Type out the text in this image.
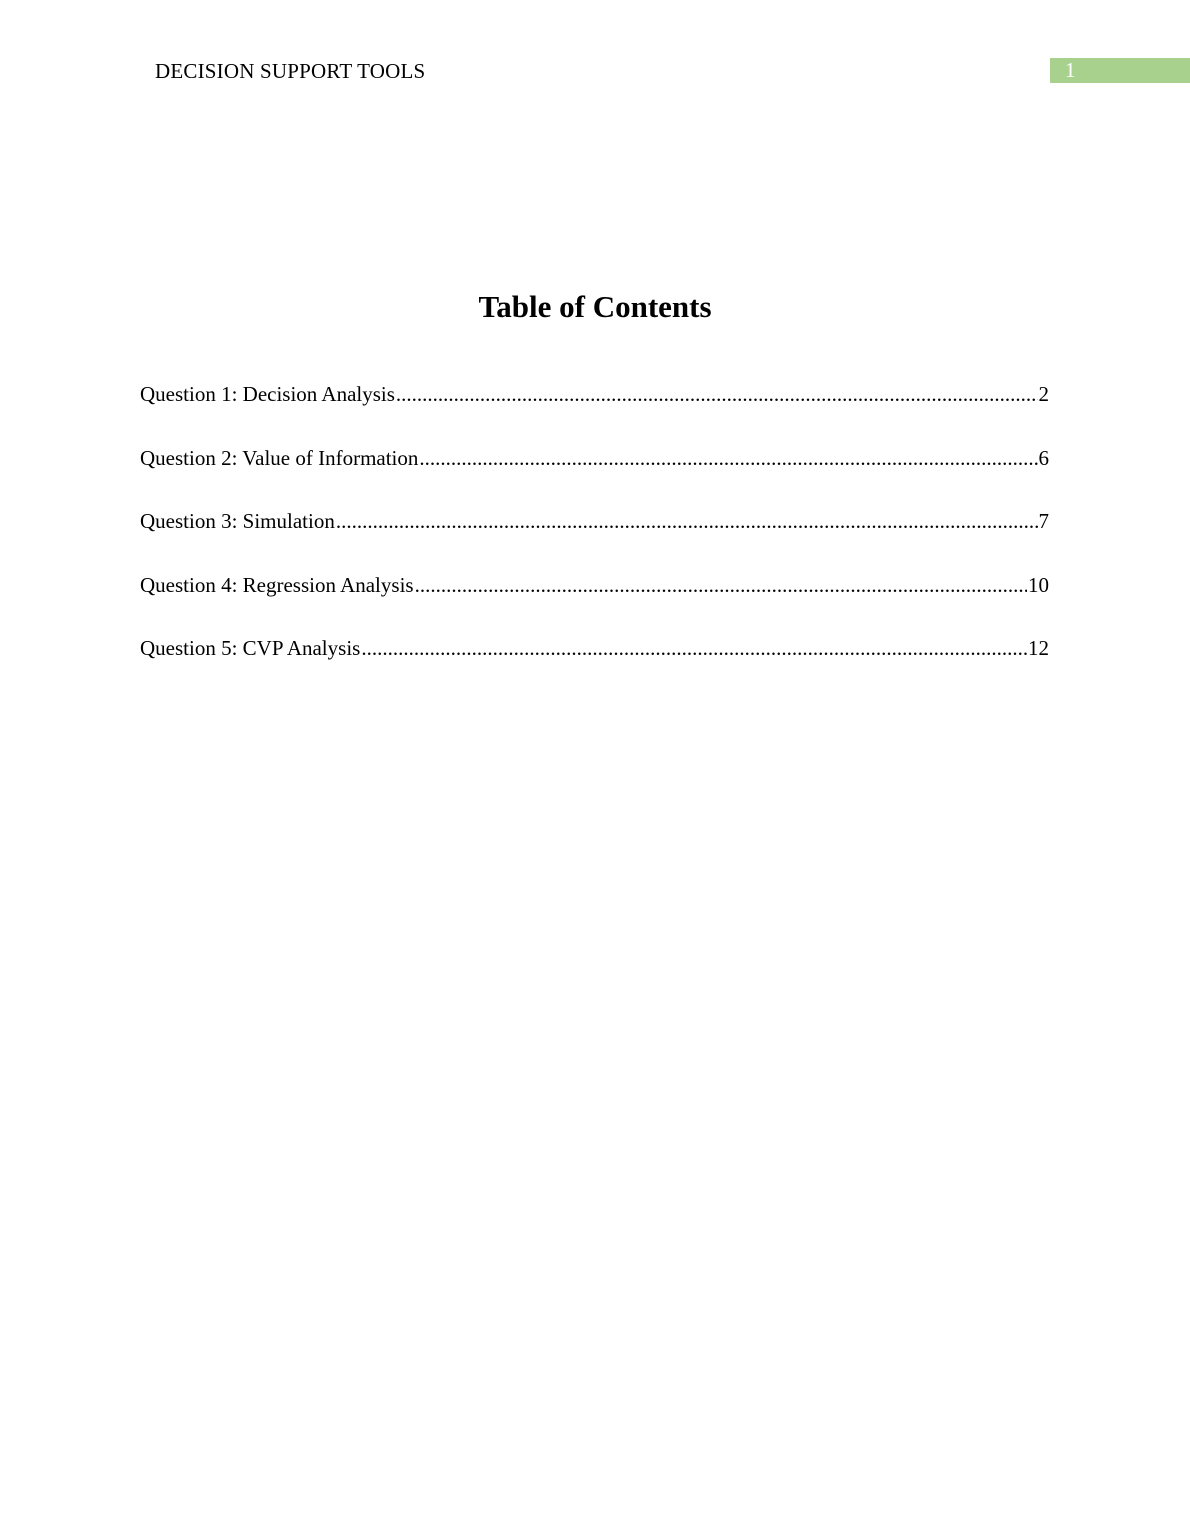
DECISION SUPPORT TOOLS	1
Table of Contents
Question 1: Decision Analysis .....	2
Question 2: Value of Information .....	6
Question 3: Simulation .....	7
Question 4: Regression Analysis .....	10
Question 5: CVP Analysis .....	12
